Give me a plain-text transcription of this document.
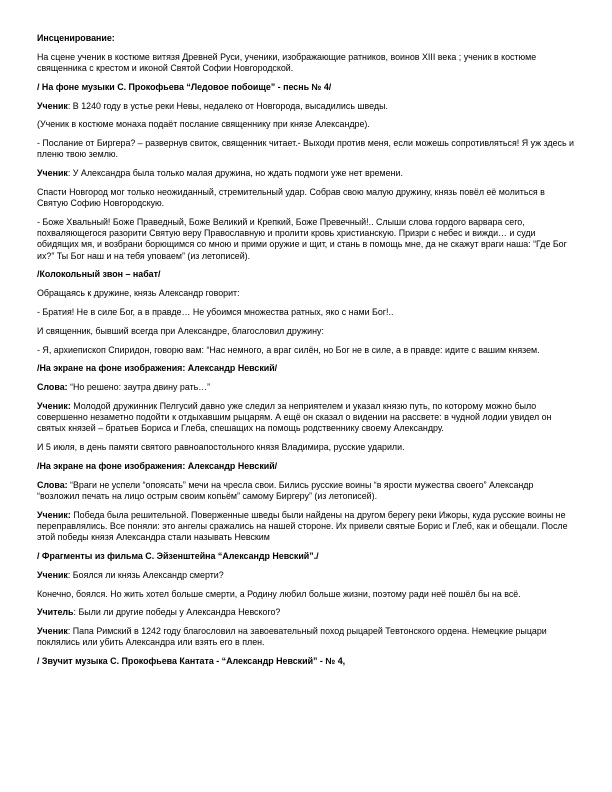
Инсценирование:

На сцене ученик в костюме витязя Древней Руси, ученики, изображающие ратников, воинов XIII века ; ученик в костюме священника с крестом и иконой Святой Софии Новгородской.

/ На фоне музыки С. Прокофьева “Ледовое побоище” - песнь № 4/

Ученик: В 1240 году в устье реки Невы, недалеко от Новгорода, высадились шведы.

(Ученик в костюме монаха подаёт послание священнику при князе Александре).

- Послание от Биргера? – развернув свиток, священник читает.- Выходи против меня, если можешь сопротивляться! Я уж здесь и пленю твою землю.

Ученик: У Александра была только малая дружина, но ждать подмоги уже нет времени.

Спасти Новгород мог только неожиданный, стремительный удар. Собрав свою малую дружину, князь повёл её молиться в Святую Софию Новгородскую.

- Боже Хвальный! Боже Праведный, Боже Великий и Крепкий, Боже Превечный!.. Слыши слова гордого варвара сего, похваляющегося разорити Святую веру Православную и пролити кровь христианскую. Призри с небес и вижди… и суди обидящих мя, и возбрани борющимся со мною и прими оружие и щит, и стань в помощь мне, да не скажут враги наша: “Где Бог их?” Ты Бог наш и на тебя уповаем” (из летописей).

/Колокольный звон – набат/

Обращаясь к дружине, князь Александр говорит:

- Братия! Не в силе Бог, а в правде… Не убоимся множества ратных, яко с нами Бог!..

И священник, бывший всегда при Александре, благословил дружину:

- Я, архиепископ Спиридон, говорю вам: “Нас немного, а враг силён, но Бог не в силе, а в правде: идите с вашим князем.

/На экране на фоне изображения: Александр Невский/

Слова: “Но решено: заутра двину рать…”

Ученик: Молодой дружинник Пелгусий давно уже следил за неприятелем и указал князю путь, по которому можно было совершенно незаметно подойти к отдыхавшим рыцарям. А ещё он сказал о видении на рассвете: в чудной лодии увидел он святых князей – братьев Бориса и Глеба, спешащих на помощь родственнику своему Александру.

И 5 июля, в день памяти святого равноапостольного князя Владимира, русские ударили.

/На экране на фоне изображения: Александр Невский/

Слова: “Враги не успели “опоясать” мечи на чресла свои. Бились русские воины “в ярости мужества своего” Александр “возложил печать на лицо острым своим копьём” самому Биргеру” (из летописей).

Ученик: Победа была решительной. Поверженные шведы были найдены на другом берегу реки Ижоры, куда русские воины не переправлялись. Все поняли: это ангелы сражались на нашей стороне. Их привели святые Борис и Глеб, как и обещали. После этой победы князя Александра стали называть Невским

/ Фрагменты из фильма С. Эйзенштейна “Александр Невский”./

Ученик: Боялся ли князь Александр смерти?

Конечно, боялся. Но жить хотел больше смерти, а Родину любил больше жизни, поэтому ради неё пошёл бы на всё.

Учитель: Были ли другие победы у Александра Невского?

Ученик: Папа Римский в 1242 году благословил на завоевательный поход рыцарей Тевтонского ордена. Немецкие рыцари поклялись или убить Александра или взять его в плен.

/ Звучит музыка С. Прокофьева Кантата - “Александр Невский” - № 4,
